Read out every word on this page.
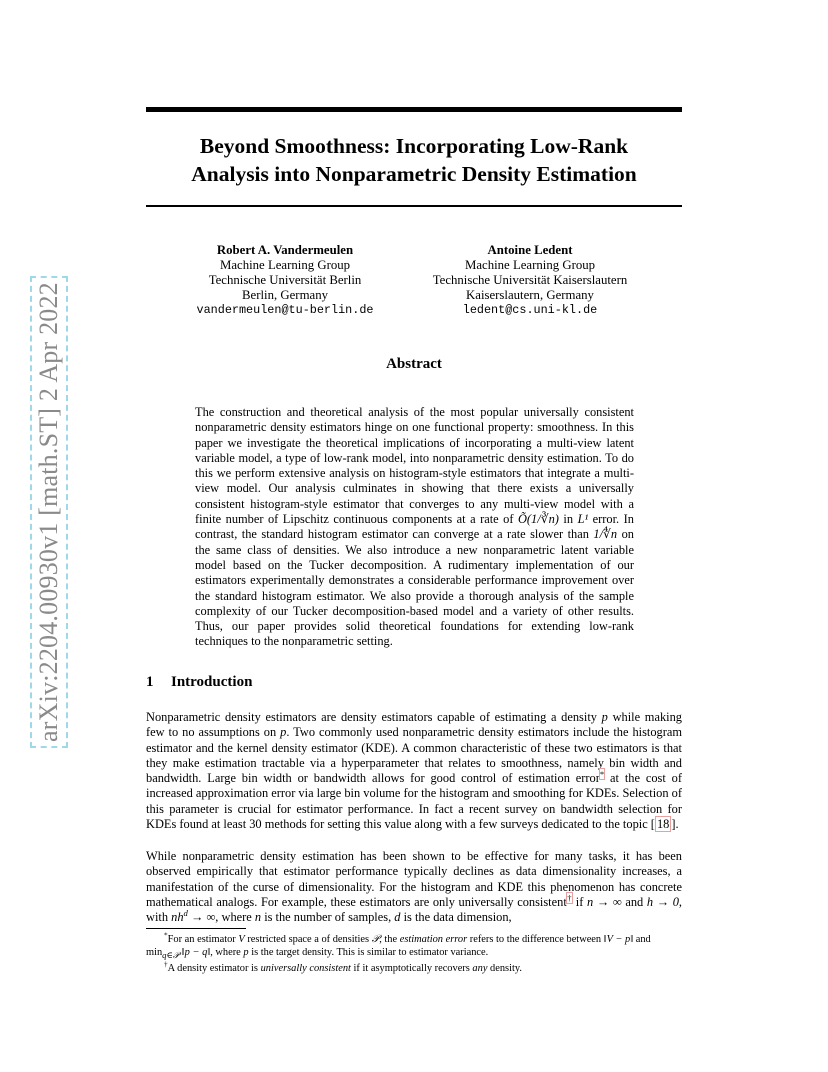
arXiv:2204.00930v1 [math.ST] 2 Apr 2022
Beyond Smoothness: Incorporating Low-Rank
Analysis into Nonparametric Density Estimation
Robert A. Vandermeulen
Machine Learning Group
Technische Universität Berlin
Berlin, Germany
vandermeulen@tu-berlin.de
Antoine Ledent
Machine Learning Group
Technische Universität Kaiserslautern
Kaiserslautern, Germany
ledent@cs.uni-kl.de
Abstract
The construction and theoretical analysis of the most popular universally consistent nonparametric density estimators hinge on one functional property: smoothness. In this paper we investigate the theoretical implications of incorporating a multi-view latent variable model, a type of low-rank model, into nonparametric density estimation. To do this we perform extensive analysis on histogram-style estimators that integrate a multi-view model. Our analysis culminates in showing that there exists a universally consistent histogram-style estimator that converges to any multi-view model with a finite number of Lipschitz continuous components at a rate of Õ(1/∛n) in L¹ error. In contrast, the standard histogram estimator can converge at a rate slower than 1/∜n on the same class of densities. We also introduce a new nonparametric latent variable model based on the Tucker decomposition. A rudimentary implementation of our estimators experimentally demonstrates a considerable performance improvement over the standard histogram estimator. We also provide a thorough analysis of the sample complexity of our Tucker decomposition-based model and a variety of other results. Thus, our paper provides solid theoretical foundations for extending low-rank techniques to the nonparametric setting.
1 Introduction
Nonparametric density estimators are density estimators capable of estimating a density p while making few to no assumptions on p. Two commonly used nonparametric density estimators include the histogram estimator and the kernel density estimator (KDE). A common characteristic of these two estimators is that they make estimation tractable via a hyperparameter that relates to smoothness, namely bin width and bandwidth. Large bin width or bandwidth allows for good control of estimation error* at the cost of increased approximation error via large bin volume for the histogram and smoothing for KDEs. Selection of this parameter is crucial for estimator performance. In fact a recent survey on bandwidth selection for KDEs found at least 30 methods for setting this value along with a few surveys dedicated to the topic [ 18 ].
While nonparametric density estimation has been shown to be effective for many tasks, it has been observed empirically that estimator performance typically declines as data dimensionality increases, a manifestation of the curse of dimensionality. For the histogram and KDE this phenomenon has concrete mathematical analogs. For example, these estimators are only universally consistent† if n → ∞ and h → 0, with $nh^d$ → ∞, where n is the number of samples, d is the data dimension,
*For an estimator V restricted space a of densities 𝒫, the estimation error refers to the difference between ‖V − p‖ and $\min_{q\in 𝒫}$ ‖p − q‖, where p is the target density. This is similar to estimator variance.
†A density estimator is universally consistent if it asymptotically recovers any density.
